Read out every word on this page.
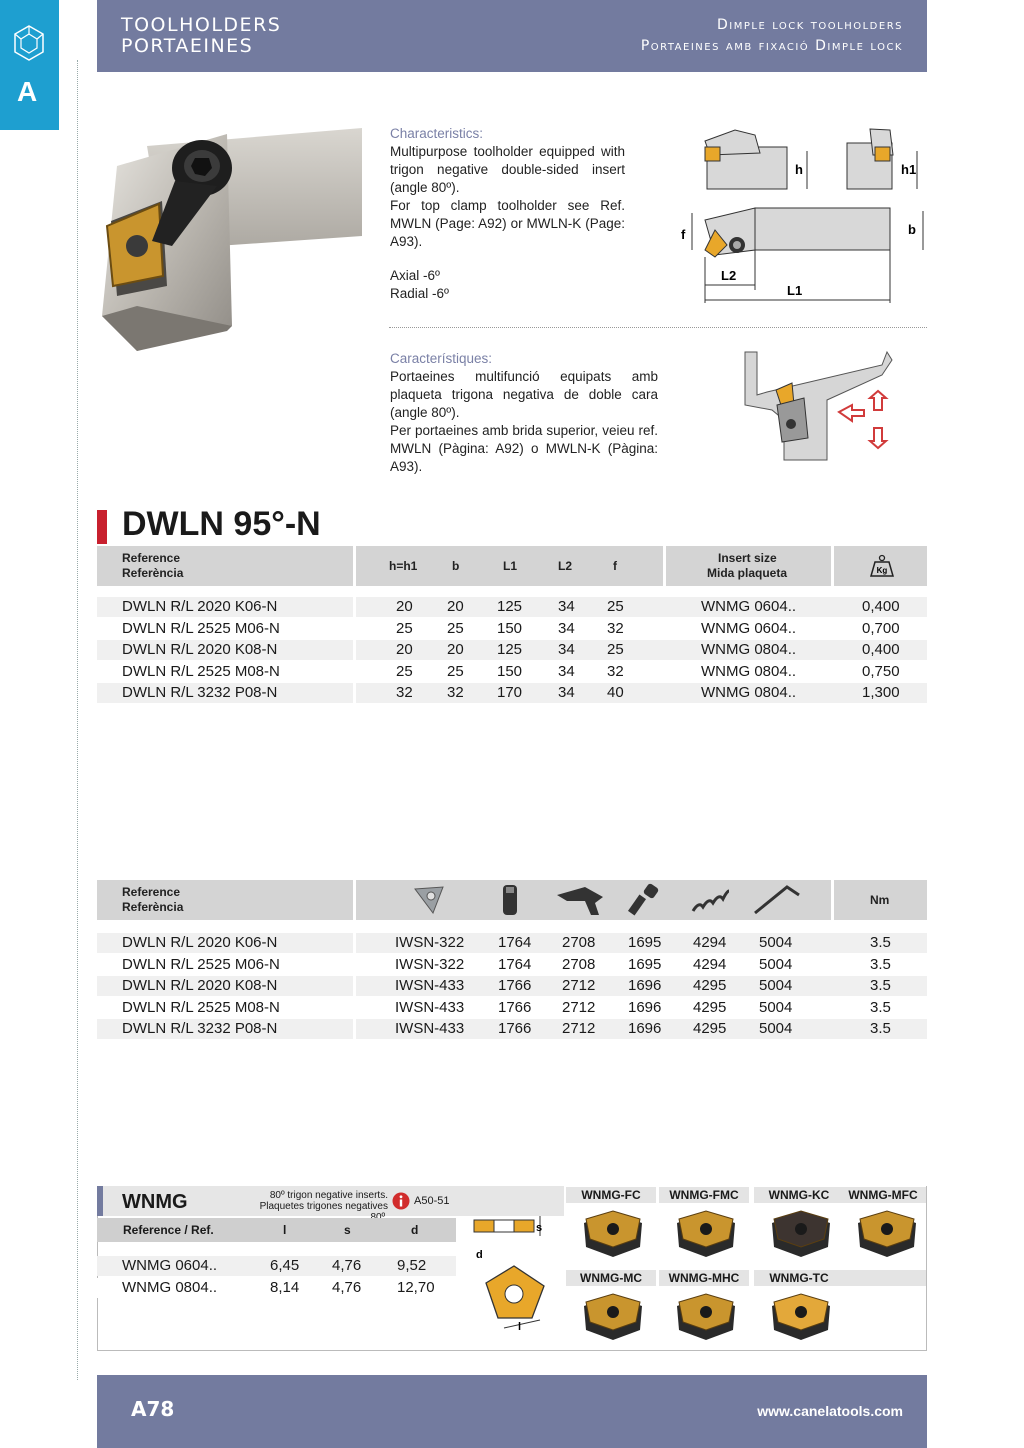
TOOLHOLDERS
PORTAEINES
Dimple lock toolholders
Portaeines amb fixació Dimple lock
A
Characteristics:
Multipurpose toolholder equipped with trigon negative double-sided insert (angle 80º).
For top clamp toolholder see Ref. MWLN (Page: A92) or MWLN-K (Page: A93).
Axial -6º
Radial -6º
h	h1
b
f
L2
L1
Característiques:
Portaeines multifunció equipats amb plaqueta trigona negativa de doble cara (angle 80º).
Per portaeines amb brida superior, veieu ref. MWLN (Pàgina: A92) o MWLN-K (Pàgina: A93).
DWLN 95°-N
Reference
Referència	h=h1	b	L1	L2	f
Insert size
Mida plaqueta	Kg
DWLN R/L 2020 K06-N	20 20 125 34 25	WNMG 0604..	0,400
DWLN R/L 2525 M06-N	25 25 150 34 32	WNMG 0604..	0,700
DWLN R/L 2020 K08-N	20 20 125 34 25	WNMG 0804..	0,400
DWLN R/L 2525 M08-N	25 25 150 34 32	WNMG 0804..	0,750
DWLN R/L 3232 P08-N	32 32 170 34 40	WNMG 0804..	1,300
Reference
Referència	Nm
DWLN R/L 2020 K06-N	IWSN-322 1764 2708 1695 4294 5004	3.5
DWLN R/L 2525 M06-N	IWSN-322 1764 2708 1695 4294 5004	3.5
DWLN R/L 2020 K08-N	IWSN-433 1766 2712 1696 4295 5004	3.5
DWLN R/L 2525 M08-N	IWSN-433 1766 2712 1696 4295 5004	3.5
DWLN R/L 3232 P08-N	IWSN-433 1766 2712 1696 4295 5004	3.5
WNMG	80º trigon negative inserts.
Plaquetes trigones negatives A50-51
Reference / Ref.	l	s	d
WNMG 0604..	6,45 4,76 9,52
WNMG 0804..	8,14 4,76 12,70
s
d
l
WNMG-FC	WNMG-FMC	WNMG-KC	WNMG-MFC
WNMG-MC	WNMG-MHC	WNMG-TC
A78	www.canelatools.com
